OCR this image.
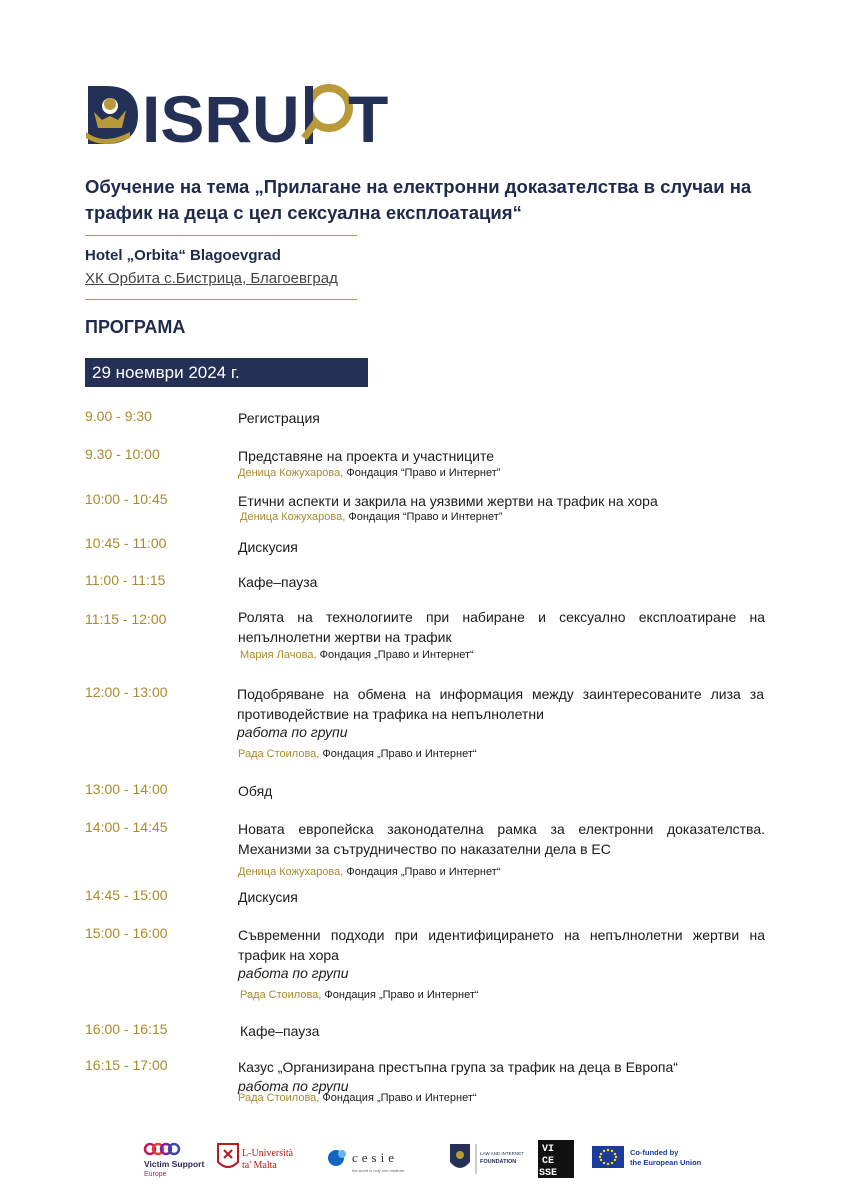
ISRU T
Обучение на тема „Прилагане на електронни доказателства в случаи на трафик на деца с цел сексуална експлоатация“
Hotel „Orbita“ Blagoevgrad
ХК Орбита с.Бистрица, Благоевград
ПРОГРАМА
29 ноември 2024 г.
9.00 - 9:30	Регистрация
9.30 - 10:00	Представяне на проекта и участниците
Деница Кожухарова, Фондация “Право и Интернет”
10:00 - 10:45	Етични аспекти и закрила на уязвими жертви на трафик на хора
Деница Кожухарова, Фондация “Право и Интернет”
10:45 - 11:00	Дискусия
11:00 - 11:15	Кафе–пауза
11:15 - 12:00	Ролята на технологиите при набиране и сексуално експлоатиране на непълнолетни жертви на трафик
Мария Лачова, Фондация „Право и Интернет“
12:00 - 13:00	Подобряване на обмена на информация между заинтересованите лиза за противодействие на трафика на непълнолетни
работа по групи
Рада Стоилова, Фондация „Право и Интернет“
13:00 - 14:00	Обяд
14:00 - 14:45	Новата европейска законодателна рамка за електронни доказателства. Механизми за сътрудничество по наказателни дела в ЕС
Деница Кожухарова, Фондация „Право и Интернет“
14:45 - 15:00	Дискусия
15:00 - 16:00	Съвременни подходи при идентифицирането на непълнолетни жертви на трафик на хора
работа по групи
Рада Стоилова, Фондация „Право и Интернет“
16:00 - 16:15	Кафе–пауза
16:15 - 17:00	Казус „Организирана престъпна група за трафик на деца в Европа“
работа по групи
Рада Стоилова, Фондация „Право и Интернет“
Victim Support
Europe
L-Università
ta' Malta
cesie
the world is only one creature
LAW AND INTERNET
FOUNDATION
VI
CE
SSE
Co-funded by
the European Union
